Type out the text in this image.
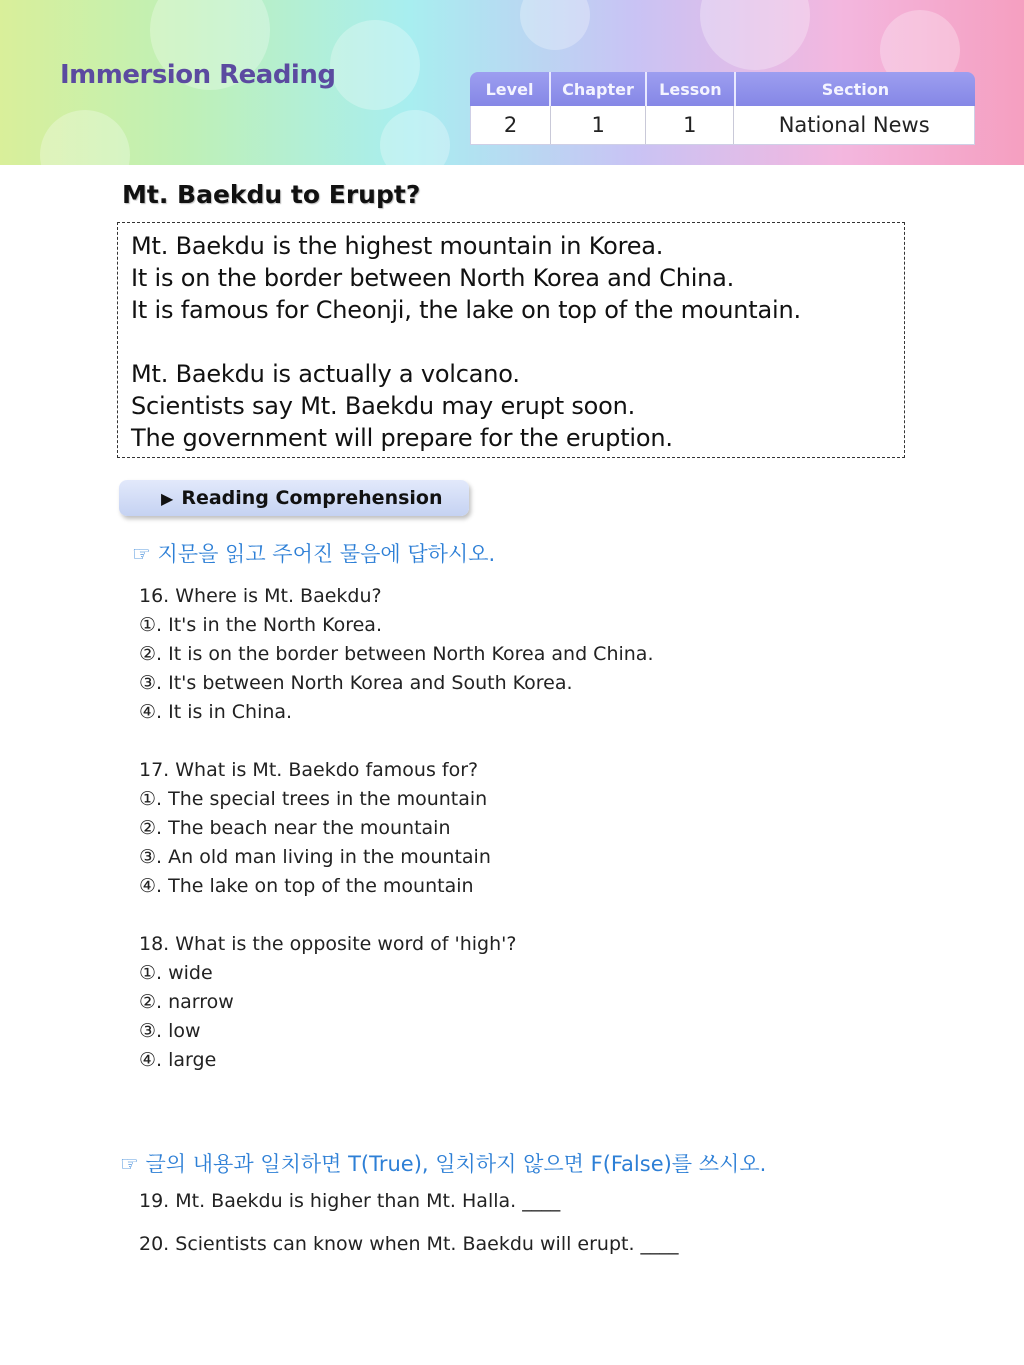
Immersion Reading	Level	Chapter	Lesson	Section
2	1	1	National News
Mt. Baekdu to Erupt?

Mt. Baekdu is the highest mountain in Korea.

It is on the border between North Korea and China.

It is famous for Cheonji, the lake on top of the mountain.

Mt. Baekdu is actually a volcano.

Scientists say Mt. Baekdu may erupt soon.

The government will prepare for the eruption.

▶ Reading Comprehension
☞ 지문을 읽고 주어진 물음에 답하시오.
16. Where is Mt. Baekdu?
①. It's in the North Korea.
②. It is on the border between North Korea and China.
③. It's between North Korea and South Korea.
④. It is in China.
17. What is Mt. Baekdo famous for?
①. The special trees in the mountain
②. The beach near the mountain
③. An old man living in the mountain
④. The lake on top of the mountain
18. What is the opposite word of 'high'?
①. wide
②. narrow
③. low
④. large
☞ 글의 내용과 일치하면 T(True), 일치하지 않으면 F(False)를 쓰시오.
19. Mt. Baekdu is higher than Mt. Halla. ____
20. Scientists can know when Mt. Baekdu will erupt. ____
